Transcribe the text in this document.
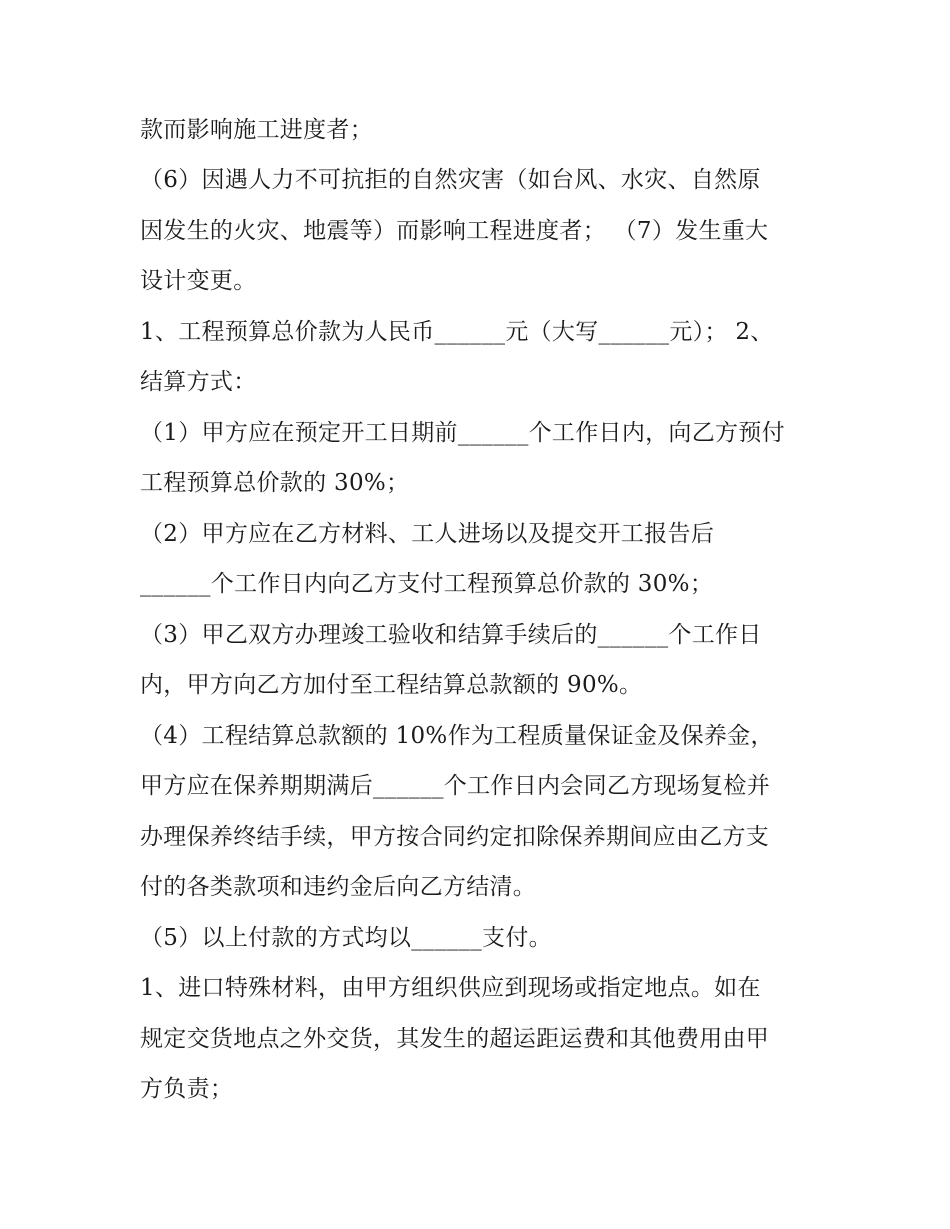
款而影响施工进度者；
（6）因遇人力不可抗拒的自然灾害（如台风、水灾、自然原
因发生的火灾、地震等）而影响工程进度者； （7）发生重大
设计变更。
1、工程预算总价款为人民币______元（大写______元）； 2、
结算方式：
（1）甲方应在预定开工日期前______个工作日内，向乙方预付
工程预算总价款的 30%；
（2）甲方应在乙方材料、工人进场以及提交开工报告后
______个工作日内向乙方支付工程预算总价款的 30%；
（3）甲乙双方办理竣工验收和结算手续后的______个工作日
内，甲方向乙方加付至工程结算总款额的 90%。
（4）工程结算总款额的 10%作为工程质量保证金及保养金，
甲方应在保养期期满后______个工作日内会同乙方现场复检并
办理保养终结手续，甲方按合同约定扣除保养期间应由乙方支
付的各类款项和违约金后向乙方结清。
（5）以上付款的方式均以______支付。
1、进口特殊材料，由甲方组织供应到现场或指定地点。如在
规定交货地点之外交货，其发生的超运距运费和其他费用由甲
方负责；
